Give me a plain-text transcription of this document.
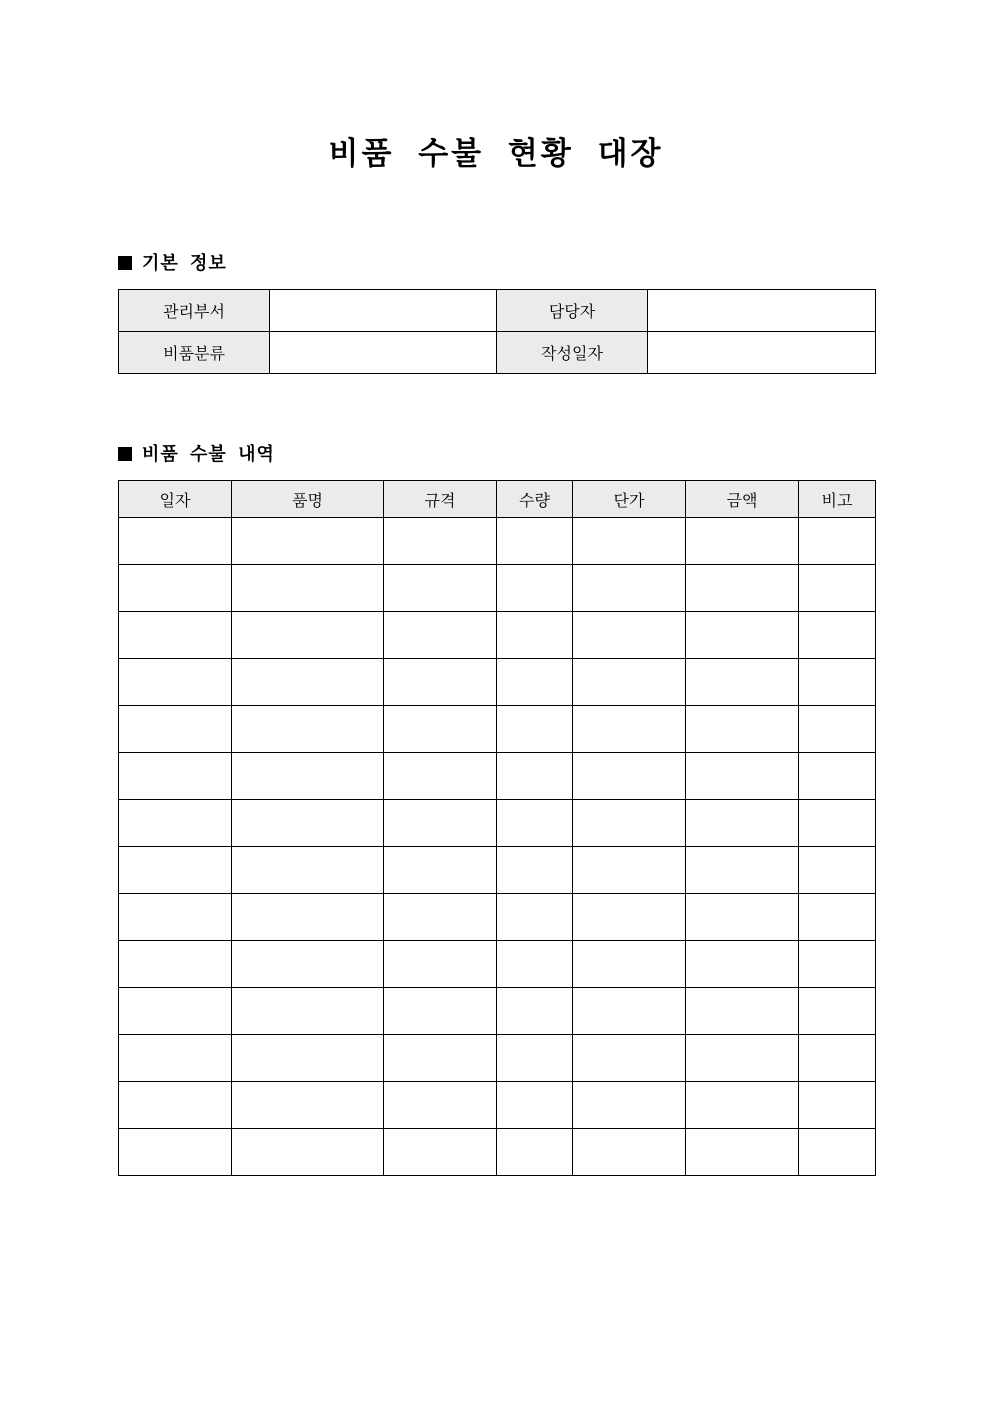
비품 수불 현황 대장
기본 정보
관리부서		담당자	
비품분류		작성일자	
비품 수불 내역
일자	품명	규격	수량	단가	금액	비고
